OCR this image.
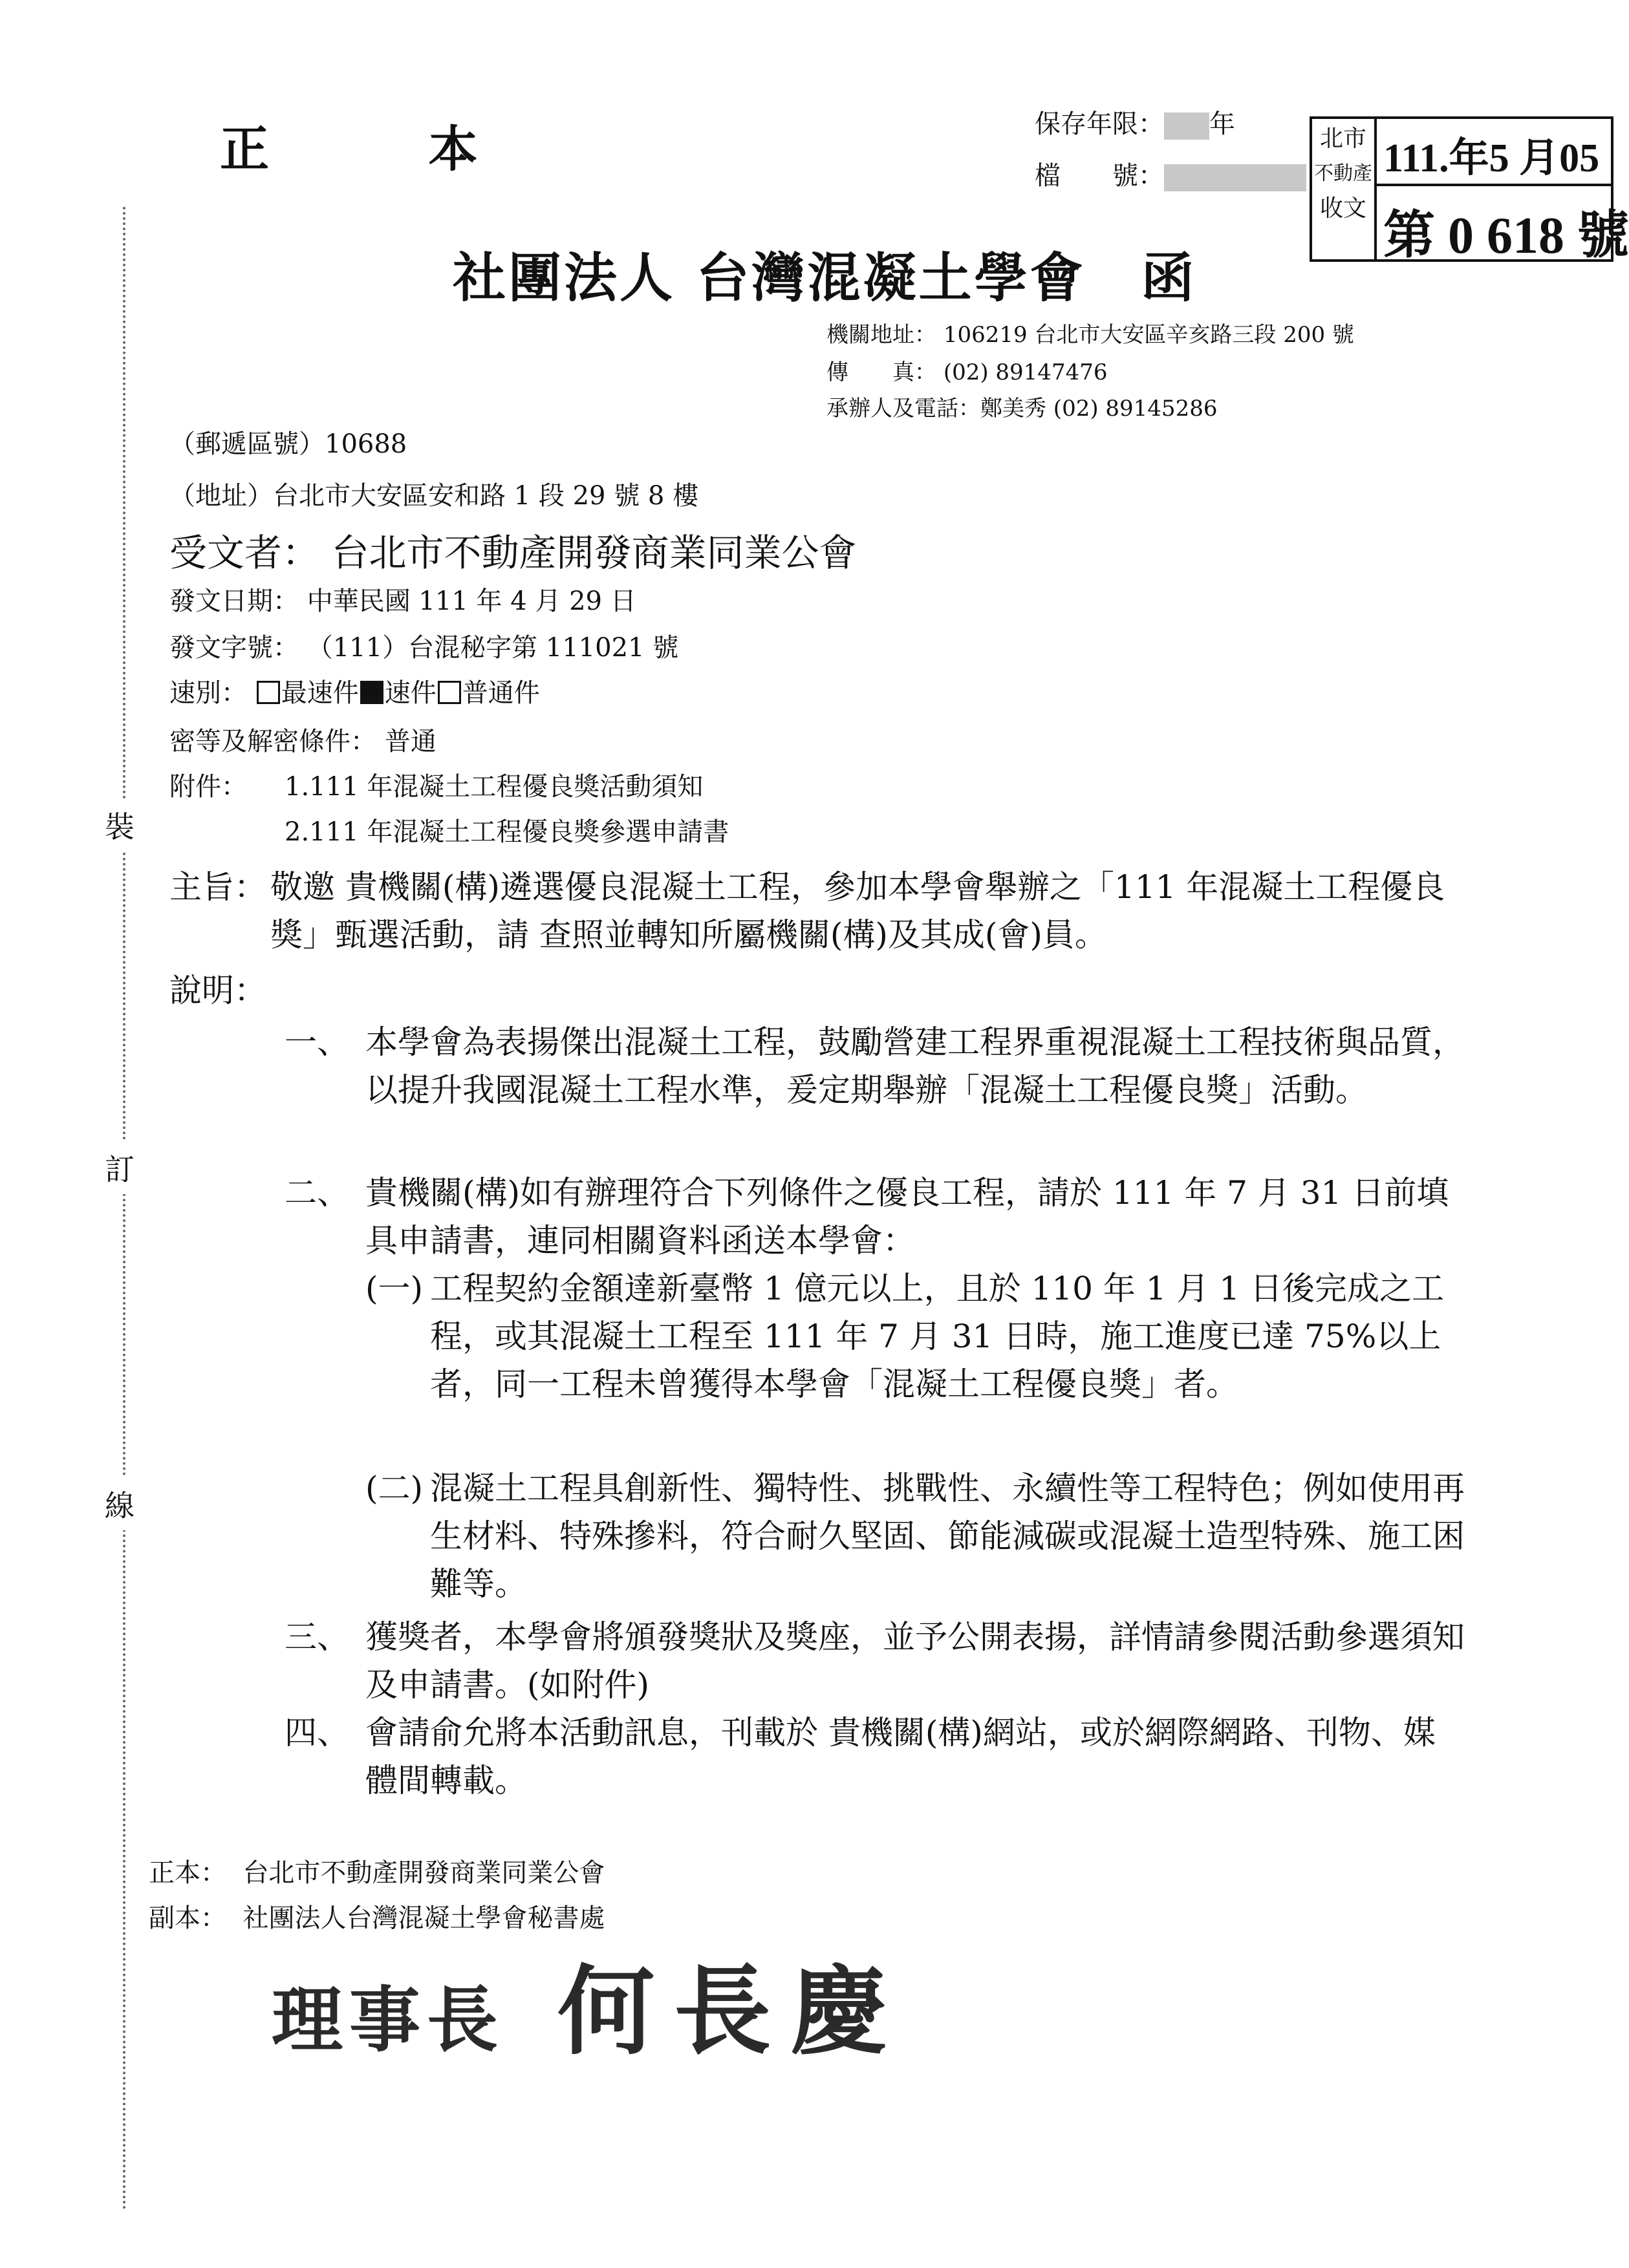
正 本	保存年限： 年
檔　　號：
北市
不動產
收文
111.年5 月05
第 0 618 號
裝
訂
線
社團法人 台灣混凝土學會　函
機關地址： 106219 台北市大安區辛亥路三段 200 號
傳　　真： (02) 89147476
承辦人及電話：鄭美秀 (02) 89145286
（郵遞區號）10688
（地址）台北市大安區安和路 1 段 29 號 8 樓
受文者： 台北市不動產開發商業同業公會
發文日期： 中華民國 111 年 4 月 29 日
發文字號： （111）台混秘字第 111021 號
速別： 最速件 速件 普通件
密等及解密條件： 普通
附件： 1.111 年混凝土工程優良獎活動須知
2.111 年混凝土工程優良獎參選申請書
主旨： 敬邀 貴機關(構)遴選優良混凝土工程，參加本學會舉辦之「111 年混凝土工程優良獎」甄選活動，請 查照並轉知所屬機關(構)及其成(會)員。
說明：
一、 本學會為表揚傑出混凝土工程，鼓勵營建工程界重視混凝土工程技術與品質，以提升我國混凝土工程水準，爰定期舉辦「混凝土工程優良獎」活動。
二、 貴機關(構)如有辦理符合下列條件之優良工程，請於 111 年 7 月 31 日前填具申請書，連同相關資料函送本學會：
(一) 工程契約金額達新臺幣 1 億元以上，且於 110 年 1 月 1 日後完成之工程，或其混凝土工程至 111 年 7 月 31 日時，施工進度已達 75%以上者，同一工程未曾獲得本學會「混凝土工程優良獎」者。
(二) 混凝土工程具創新性、獨特性、挑戰性、永續性等工程特色；例如使用再生材料、特殊摻料，符合耐久堅固、節能減碳或混凝土造型特殊、施工困難等。
三、 獲獎者，本學會將頒發獎狀及獎座，並予公開表揚，詳情請參閱活動參選須知及申請書。(如附件)
四、 會請俞允將本活動訊息，刊載於 貴機關(構)網站，或於網際網路、刊物、媒體間轉載。
正本： 台北市不動產開發商業同業公會
副本： 社團法人台灣混凝土學會秘書處
理事長 何長慶
